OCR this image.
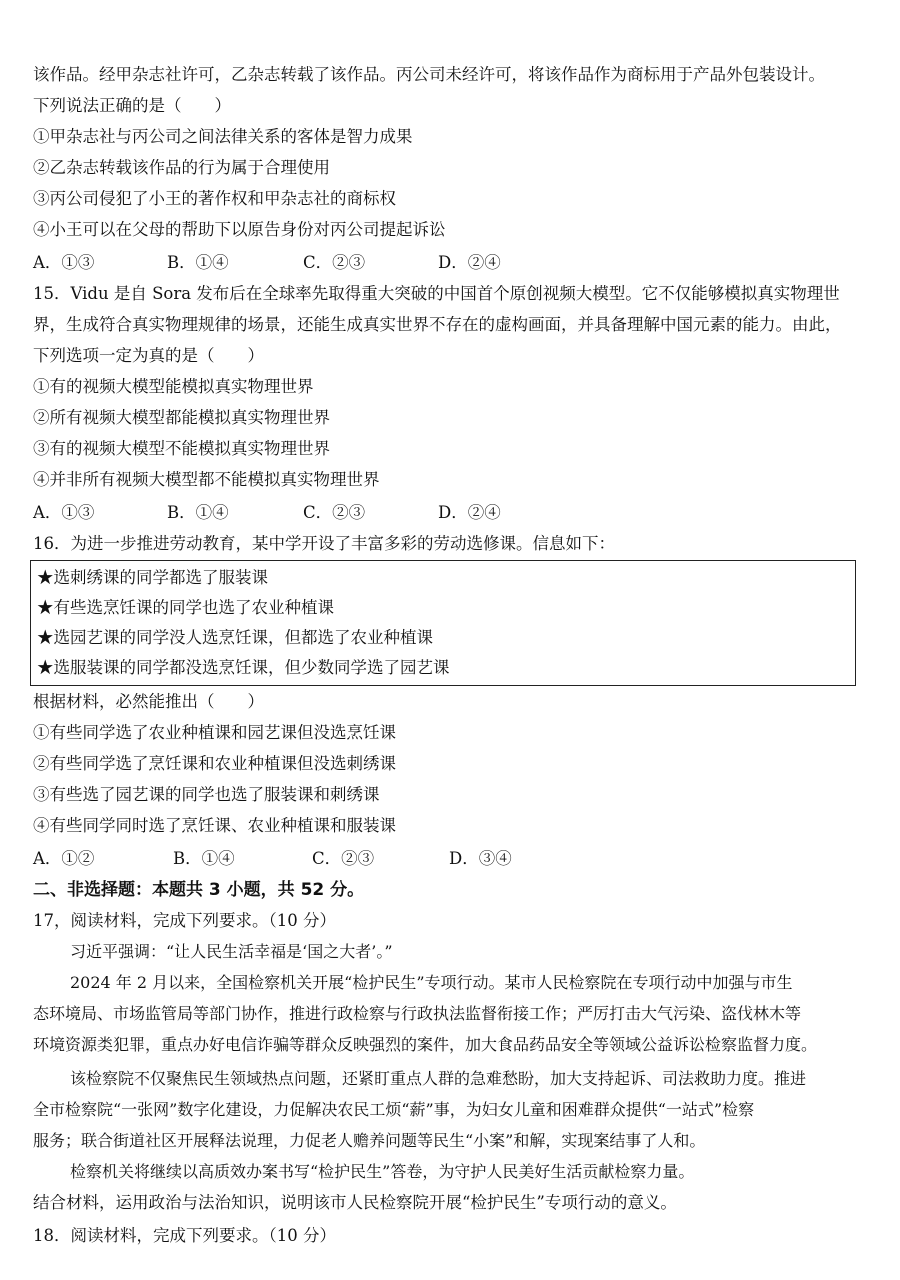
该作品。经甲杂志社许可，乙杂志转载了该作品。丙公司未经许可，将该作品作为商标用于产品外包装设计。
下列说法正确的是（　　）
①甲杂志社与丙公司之间法律关系的客体是智力成果
②乙杂志转载该作品的行为属于合理使用
③丙公司侵犯了小王的著作权和甲杂志社的商标权
④小王可以在父母的帮助下以原告身份对丙公司提起诉讼
A．①③	B．①④	C．②③	D．②④
15．Vidu 是自 Sora 发布后在全球率先取得重大突破的中国首个原创视频大模型。它不仅能够模拟真实物理世
界，生成符合真实物理规律的场景，还能生成真实世界不存在的虚构画面，并具备理解中国元素的能力。由此，
下列选项一定为真的是（　　）
①有的视频大模型能模拟真实物理世界
②所有视频大模型都能模拟真实物理世界
③有的视频大模型不能模拟真实物理世界
④并非所有视频大模型都不能模拟真实物理世界
A．①③	B．①④	C．②③	D．②④
16．为进一步推进劳动教育，某中学开设了丰富多彩的劳动选修课。信息如下：
★选刺绣课的同学都选了服装课
★有些选烹饪课的同学也选了农业种植课
★选园艺课的同学没人选烹饪课，但都选了农业种植课
★选服装课的同学都没选烹饪课，但少数同学选了园艺课
根据材料，必然能推出（　　）
①有些同学选了农业种植课和园艺课但没选烹饪课
②有些同学选了烹饪课和农业种植课但没选刺绣课
③有些选了园艺课的同学也选了服装课和刺绣课
④有些同学同时选了烹饪课、农业种植课和服装课
A．①②	B．①④	C．②③	D．③④
二、非选择题：本题共 3 小题，共 52 分。
17，阅读材料，完成下列要求。（10 分）
习近平强调：“让人民生活幸福是‘国之大者’。”
2024 年 2 月以来，全国检察机关开展“检护民生”专项行动。某市人民检察院在专项行动中加强与市生
态环境局、市场监管局等部门协作，推进行政检察与行政执法监督衔接工作；严厉打击大气污染、盗伐林木等
环境资源类犯罪，重点办好电信诈骗等群众反映强烈的案件，加大食品药品安全等领域公益诉讼检察监督力度。
该检察院不仅聚焦民生领域热点问题，还紧盯重点人群的急难愁盼，加大支持起诉、司法救助力度。推进
全市检察院“一张网”数字化建设，力促解决农民工烦“薪”事，为妇女儿童和困难群众提供“一站式”检察
服务；联合街道社区开展释法说理，力促老人赡养问题等民生“小案”和解，实现案结事了人和。
检察机关将继续以高质效办案书写“检护民生”答卷，为守护人民美好生活贡献检察力量。
结合材料，运用政治与法治知识，说明该市人民检察院开展“检护民生”专项行动的意义。
18．阅读材料，完成下列要求。（10 分）
